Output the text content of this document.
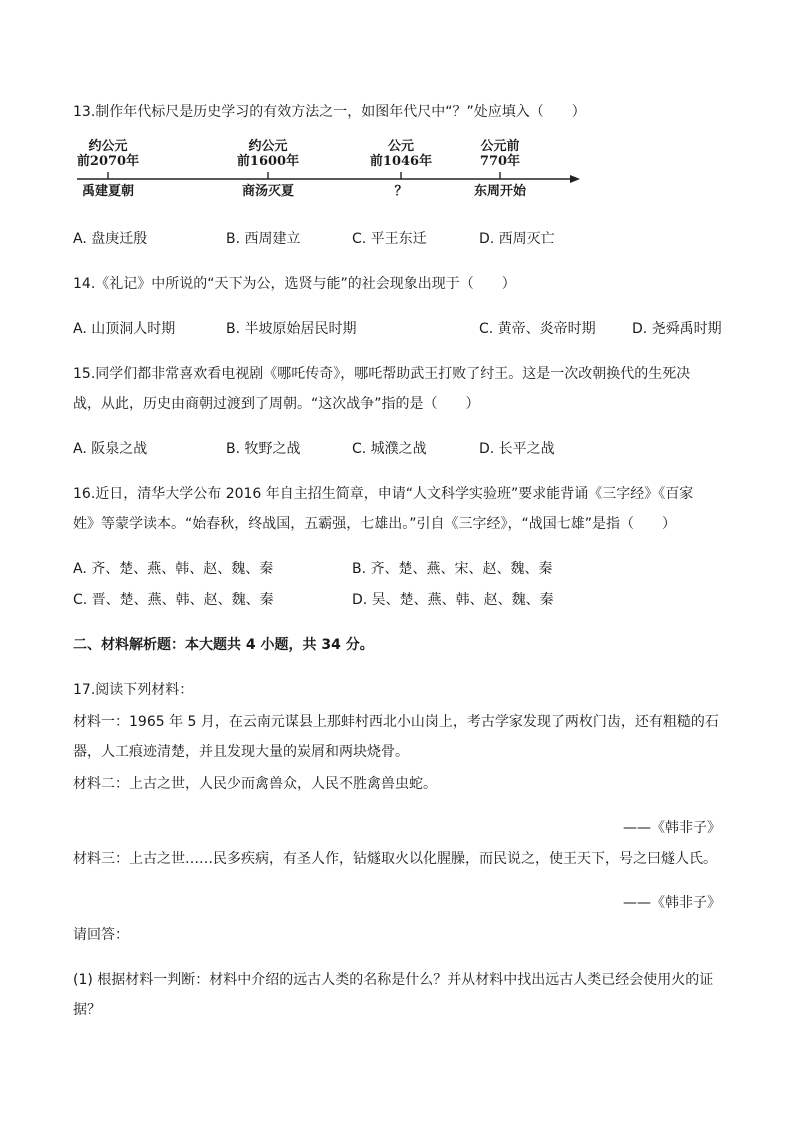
13.制作年代标尺是历史学习的有效方法之一，如图年代尺中“？”处应填入（　　）
约公元
前2070年
约公元
前1600年
公元
前1046年
公元前
770年
禹建夏朝	商汤灭夏	？	东周开始
A. 盘庚迁殷	B. 西周建立	C. 平王东迁	D. 西周灭亡
14.《礼记》中所说的“天下为公，选贤与能”的社会现象出现于（　　）
A. 山顶洞人时期	B. 半坡原始居民时期	C. 黄帝、炎帝时期	D. 尧舜禹时期
15.同学们都非常喜欢看电视剧《哪吒传奇》，哪吒帮助武王打败了纣王。这是一次改朝换代的生死决
战，从此，历史由商朝过渡到了周朝。“这次战争”指的是（　　）
A. 阪泉之战	B. 牧野之战	C. 城濮之战	D. 长平之战
16.近日，清华大学公布 2016 年自主招生简章，申请“人文科学实验班”要求能背诵《三字经》《百家
姓》等蒙学读本。“始春秋，终战国，五霸强，七雄出。”引自《三字经》，“战国七雄”是指（　　）
A. 齐、楚、燕、韩、赵、魏、秦	B. 齐、楚、燕、宋、赵、魏、秦
C. 晋、楚、燕、韩、赵、魏、秦	D. 吴、楚、燕、韩、赵、魏、秦
二、材料解析题：本大题共 4 小题，共 34 分。
17.阅读下列材料：
材料一：1965 年 5 月，在云南元谋县上那蚌村西北小山岗上，考古学家发现了两枚门齿，还有粗糙的石
器，人工痕迹清楚，并且发现大量的炭屑和两块烧骨。
材料二：上古之世，人民少而禽兽众，人民不胜禽兽虫蛇。
——《韩非子》
材料三：上古之世……民多疾病，有圣人作，钻燧取火以化腥臊，而民说之，使王天下，号之曰燧人氏。
——《韩非子》
请回答：
(1) 根据材料一判断：材料中介绍的远古人类的名称是什么？并从材料中找出远古人类已经会使用火的证
据？
